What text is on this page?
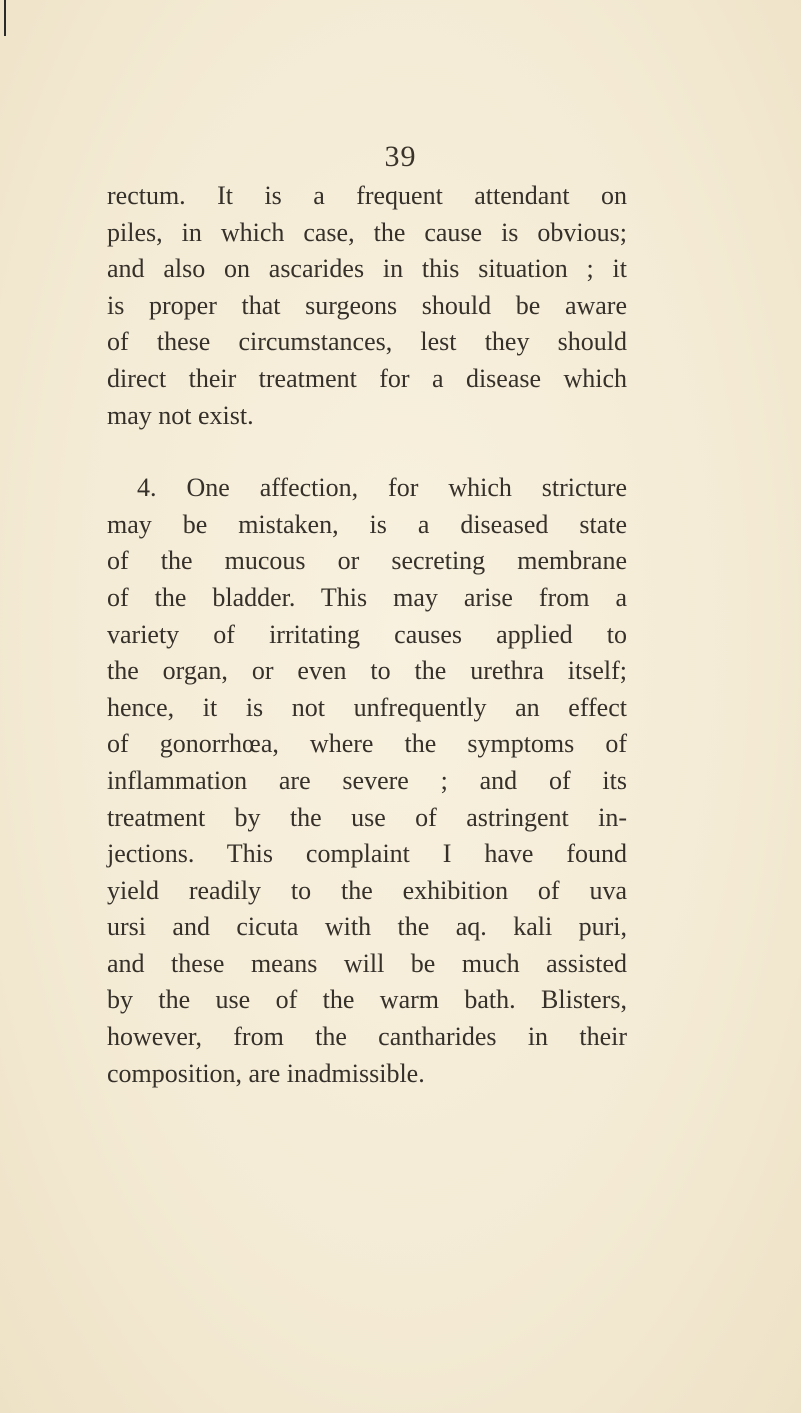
39
rectum. It is a frequent attendant on
piles, in which case, the cause is obvious;
and also on ascarides in this situation ; it
is proper that surgeons should be aware
of these circumstances, lest they should
direct their treatment for a disease which
may not exist.
4. One affection, for which stricture
may be mistaken, is a diseased state
of the mucous or secreting membrane
of the bladder. This may arise from a
variety of irritating causes applied to
the organ, or even to the urethra itself;
hence, it is not unfrequently an effect
of gonorrhœa, where the symptoms of
inflammation are severe ; and of its
treatment by the use of astringent in-
jections. This complaint I have found
yield readily to the exhibition of uva
ursi and cicuta with the aq. kali puri,
and these means will be much assisted
by the use of the warm bath. Blisters,
however, from the cantharides in their
composition, are inadmissible.
